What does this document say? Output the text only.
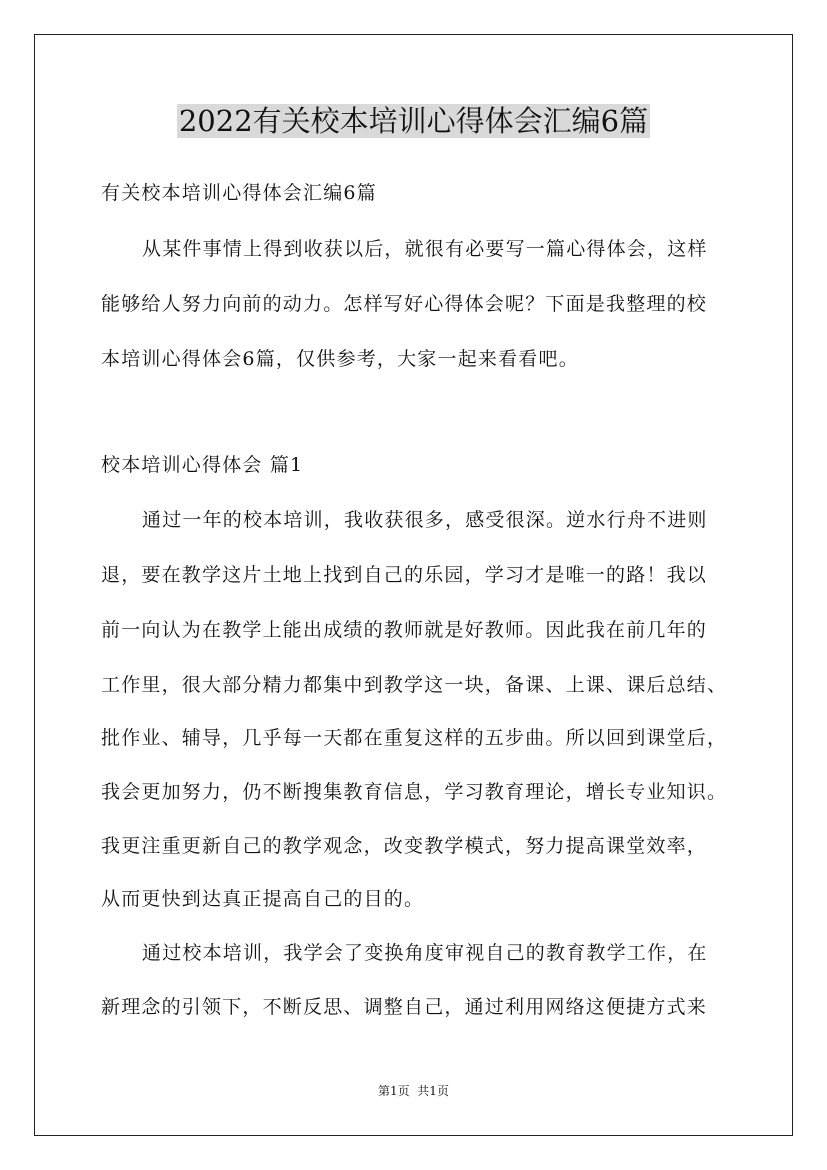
2022有关校本培训心得体会汇编6篇
有关校本培训心得体会汇编6篇
从某件事情上得到收获以后，就很有必要写一篇心得体会，这样
能够给人努力向前的动力。怎样写好心得体会呢？下面是我整理的校
本培训心得体会6篇，仅供参考，大家一起来看看吧。
校本培训心得体会 篇1
通过一年的校本培训，我收获很多，感受很深。逆水行舟不进则
退，要在教学这片土地上找到自己的乐园，学习才是唯一的路！我以
前一向认为在教学上能出成绩的教师就是好教师。因此我在前几年的
工作里，很大部分精力都集中到教学这一块，备课、上课、课后总结、
批作业、辅导，几乎每一天都在重复这样的五步曲。所以回到课堂后，
我会更加努力，仍不断搜集教育信息，学习教育理论，增长专业知识。
我更注重更新自己的教学观念，改变教学模式，努力提高课堂效率，
从而更快到达真正提高自己的目的。
通过校本培训，我学会了变换角度审视自己的教育教学工作，在
新理念的引领下，不断反思、调整自己，通过利用网络这便捷方式来
第1页  共1页
